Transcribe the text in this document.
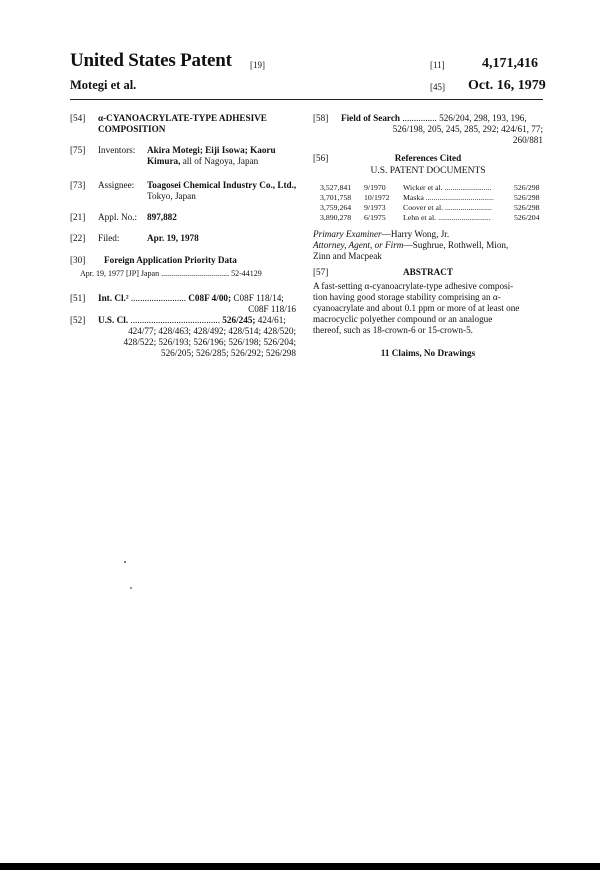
United States Patent [19]
Motegi et al.
[11]	4,171,416
[45] Oct. 16, 1979
[54] α-CYANOACRYLATE-TYPE ADHESIVE
COMPOSITION
[75] Inventors: Akira Motegi; Eiji Isowa; Kaoru
Kimura, all of Nagoya, Japan
[73] Assignee: Toagosei Chemical Industry Co., Ltd.,
Tokyo, Japan
[21] Appl. No.: 897,882
[22] Filed:	Apr. 19, 1978
[30] Foreign Application Priority Data
Apr. 19, 1977 [JP] Japan .................................. 52-44129
[51] Int. Cl.² ........................ C08F 4/00; C08F 118/14;
C08F 118/16
[52] U.S. Cl. ....................................... 526/245; 424/61;
424/77; 428/463; 428/492; 428/514; 428/520;
428/522; 526/193; 526/196; 526/198; 526/204;
526/205; 526/285; 526/292; 526/298
[58] Field of Search ............... 526/204, 298, 193, 196,
526/198, 205, 245, 285, 292; 424/61, 77;
260/881
[56]	References Cited
U.S. PATENT DOCUMENTS
3,527,841 9/1970 Wicker et al. ........................	526/298
3,701,758 10/1972 Maska ...................................	526/298
3,759,264 9/1973 Coover et al. ........................	526/298
3,890,278 6/1975 Lehn et al. ...........................	526/204
Primary Examiner—Harry Wong, Jr.
Attorney, Agent, or Firm—Sughrue, Rothwell, Mion,
Zinn and Macpeak
[57]	ABSTRACT
A fast-setting α-cyanoacrylate-type adhesive composi-
tion having good storage stability comprising an α-
cyanoacrylate and about 0.1 ppm or more of at least one
macrocyclic polyether compound or an analogue
thereof, such as 18-crown-6 or 15-crown-5.
11 Claims, No Drawings
